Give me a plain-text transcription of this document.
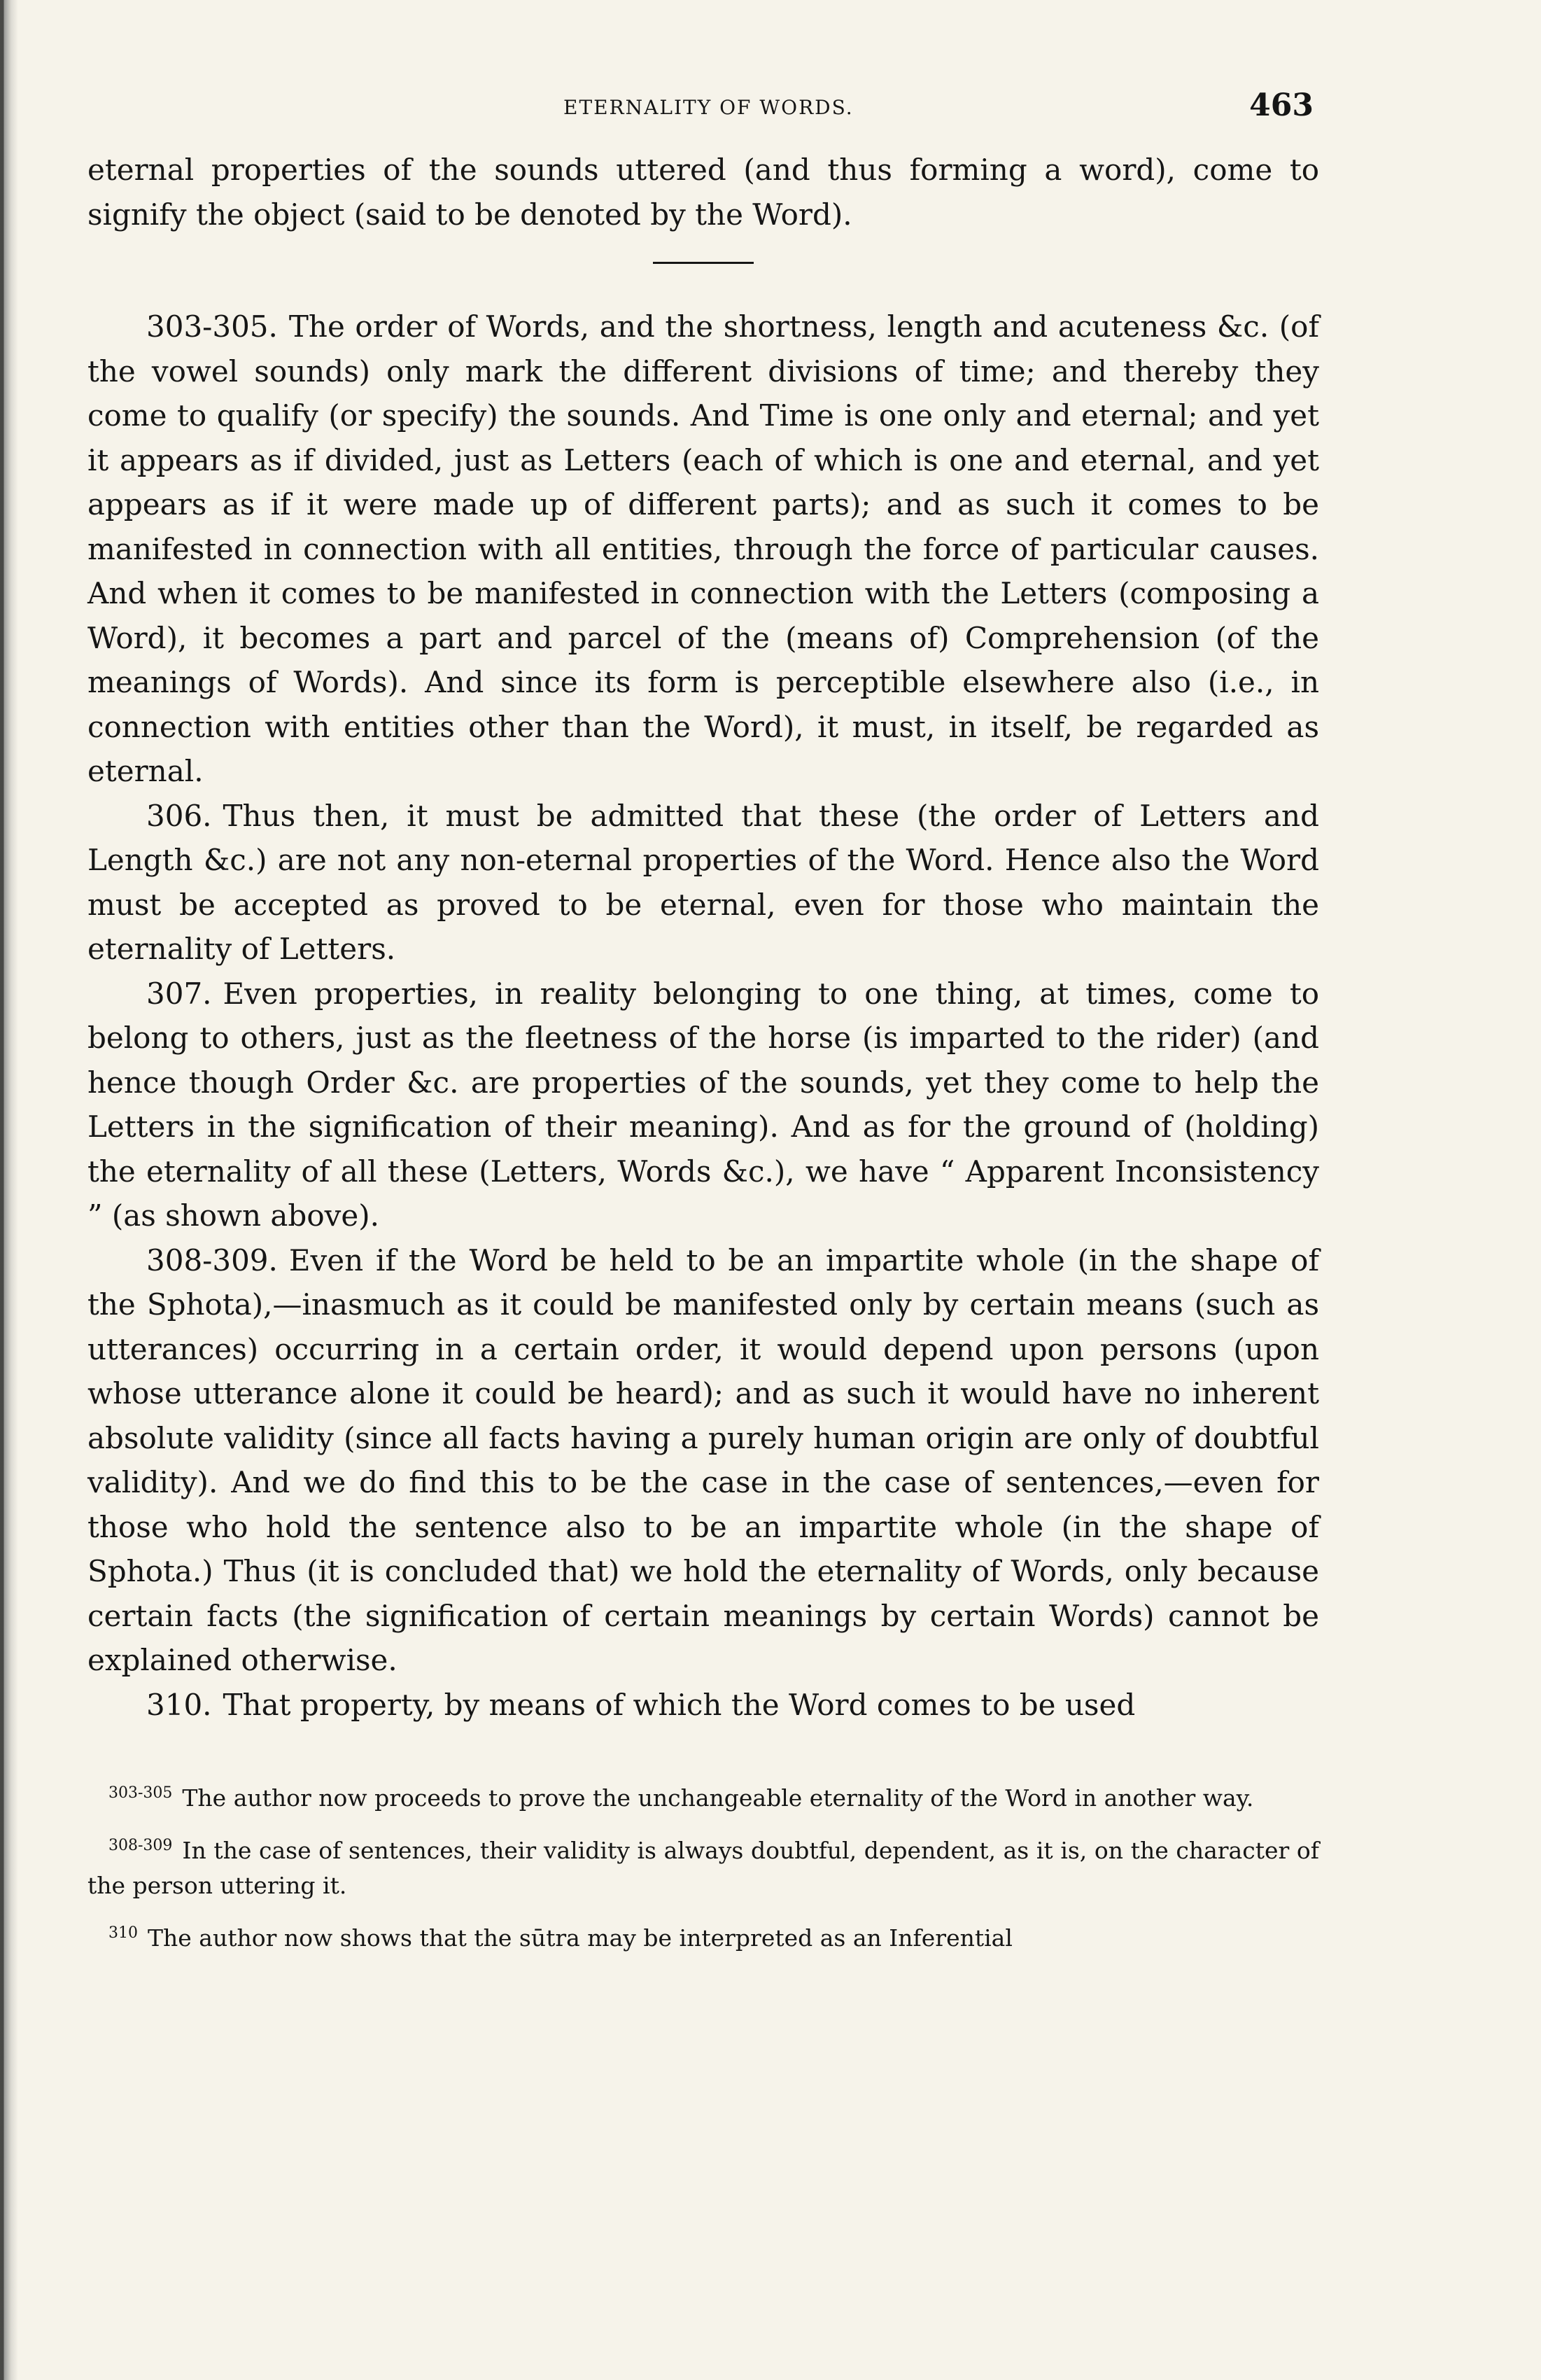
ETERNALITY OF WORDS.	463

eternal properties of the sounds uttered (and thus forming a word), come to signify the object (said to be denoted by the Word).

303-305. The order of Words, and the shortness, length and acuteness &c. (of the vowel sounds) only mark the different divisions of time; and thereby they come to qualify (or specify) the sounds. And Time is one only and eternal; and yet it appears as if divided, just as Letters (each of which is one and eternal, and yet appears as if it were made up of different parts); and as such it comes to be manifested in connection with all entities, through the force of particular causes. And when it comes to be manifested in connection with the Letters (composing a Word), it becomes a part and parcel of the (means of) Comprehension (of the meanings of Words). And since its form is perceptible elsewhere also (i.e., in connection with entities other than the Word), it must, in itself, be regarded as eternal.

306. Thus then, it must be admitted that these (the order of Letters and Length &c.) are not any non-eternal properties of the Word. Hence also the Word must be accepted as proved to be eternal, even for those who maintain the eternality of Letters.

307. Even properties, in reality belonging to one thing, at times, come to belong to others, just as the fleetness of the horse (is imparted to the rider) (and hence though Order &c. are properties of the sounds, yet they come to help the Letters in the signification of their meaning). And as for the ground of (holding) the eternality of all these (Letters, Words &c.), we have “ Apparent Inconsistency ” (as shown above).

308-309. Even if the Word be held to be an impartite whole (in the shape of the Sphota),—inasmuch as it could be manifested only by certain means (such as utterances) occurring in a certain order, it would depend upon persons (upon whose utterance alone it could be heard); and as such it would have no inherent absolute validity (since all facts having a purely human origin are only of doubtful validity). And we do find this to be the case in the case of sentences,—even for those who hold the sentence also to be an impartite whole (in the shape of Sphota.) Thus (it is concluded that) we hold the eternality of Words, only because certain facts (the signification of certain meanings by certain Words) cannot be explained otherwise.

310. That property, by means of which the Word comes to be used

$^{303-305}$ The author now proceeds to prove the unchangeable eternality of the Word in another way.

$^{308-309}$ In the case of sentences, their validity is always doubtful, dependent, as it is, on the character of the person uttering it.

$^{310}$ The author now shows that the sūtra may be interpreted as an Inferential
